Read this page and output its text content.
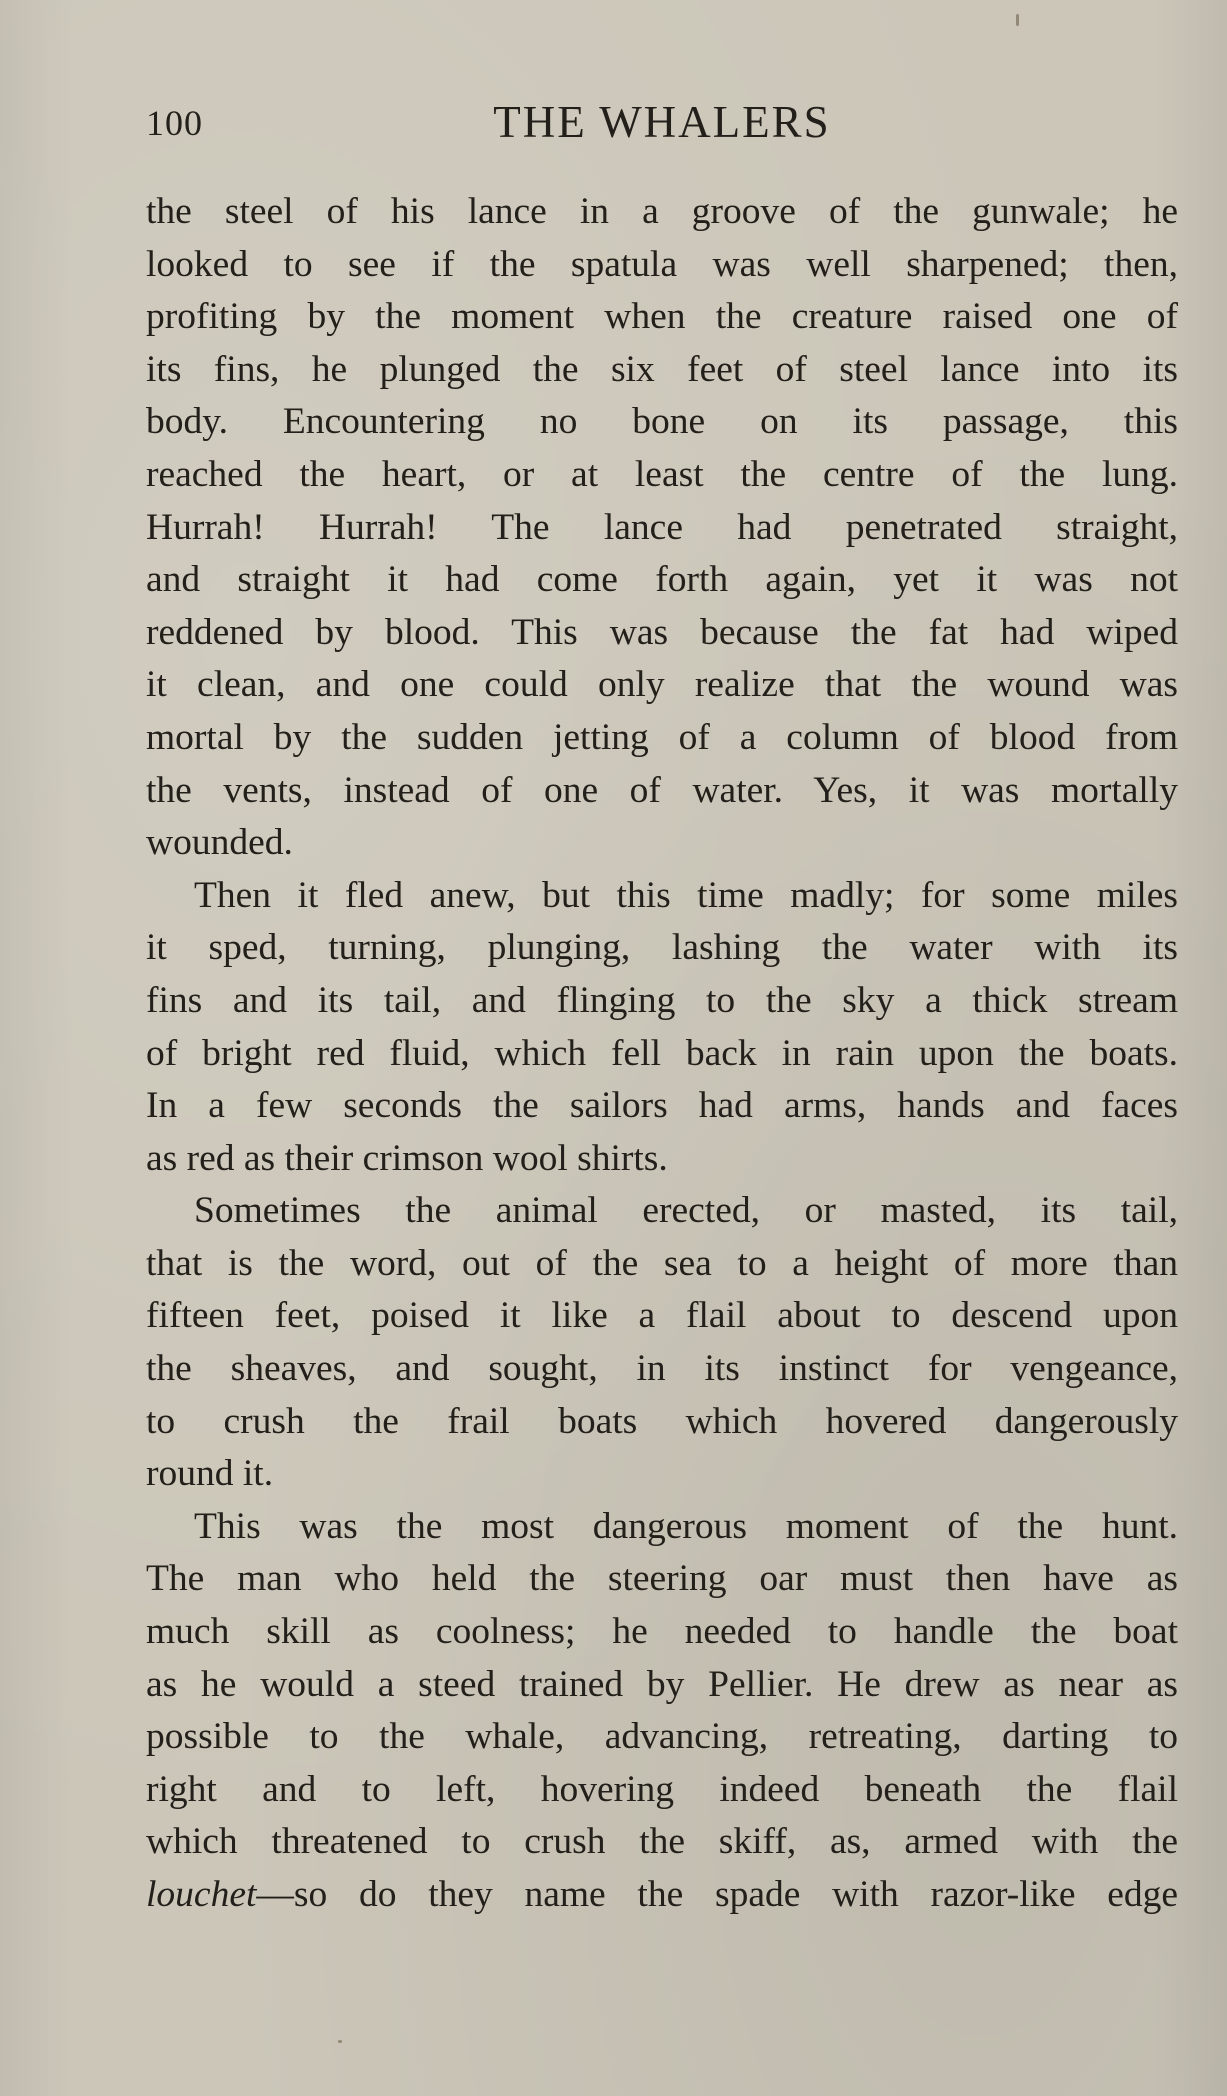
100	THE WHALERS
the steel of his lance in a groove of the gunwale; he
looked to see if the spatula was well sharpened; then,
profiting by the moment when the creature raised one of
its fins, he plunged the six feet of steel lance into its
body. Encountering no bone on its passage, this
reached the heart, or at least the centre of the lung.
Hurrah! Hurrah! The lance had penetrated straight,
and straight it had come forth again, yet it was not
reddened by blood. This was because the fat had wiped
it clean, and one could only realize that the wound was
mortal by the sudden jetting of a column of blood from
the vents, instead of one of water. Yes, it was mortally
wounded.
Then it fled anew, but this time madly; for some miles
it sped, turning, plunging, lashing the water with its
fins and its tail, and flinging to the sky a thick stream
of bright red fluid, which fell back in rain upon the boats.
In a few seconds the sailors had arms, hands and faces
as red as their crimson wool shirts.
Sometimes the animal erected, or masted, its tail,
that is the word, out of the sea to a height of more than
fifteen feet, poised it like a flail about to descend upon
the sheaves, and sought, in its instinct for vengeance,
to crush the frail boats which hovered dangerously
round it.
This was the most dangerous moment of the hunt.
The man who held the steering oar must then have as
much skill as coolness; he needed to handle the boat
as he would a steed trained by Pellier. He drew as near as
possible to the whale, advancing, retreating, darting to
right and to left, hovering indeed beneath the flail
which threatened to crush the skiff, as, armed with the
louchet—so do they name the spade with razor-like edge
